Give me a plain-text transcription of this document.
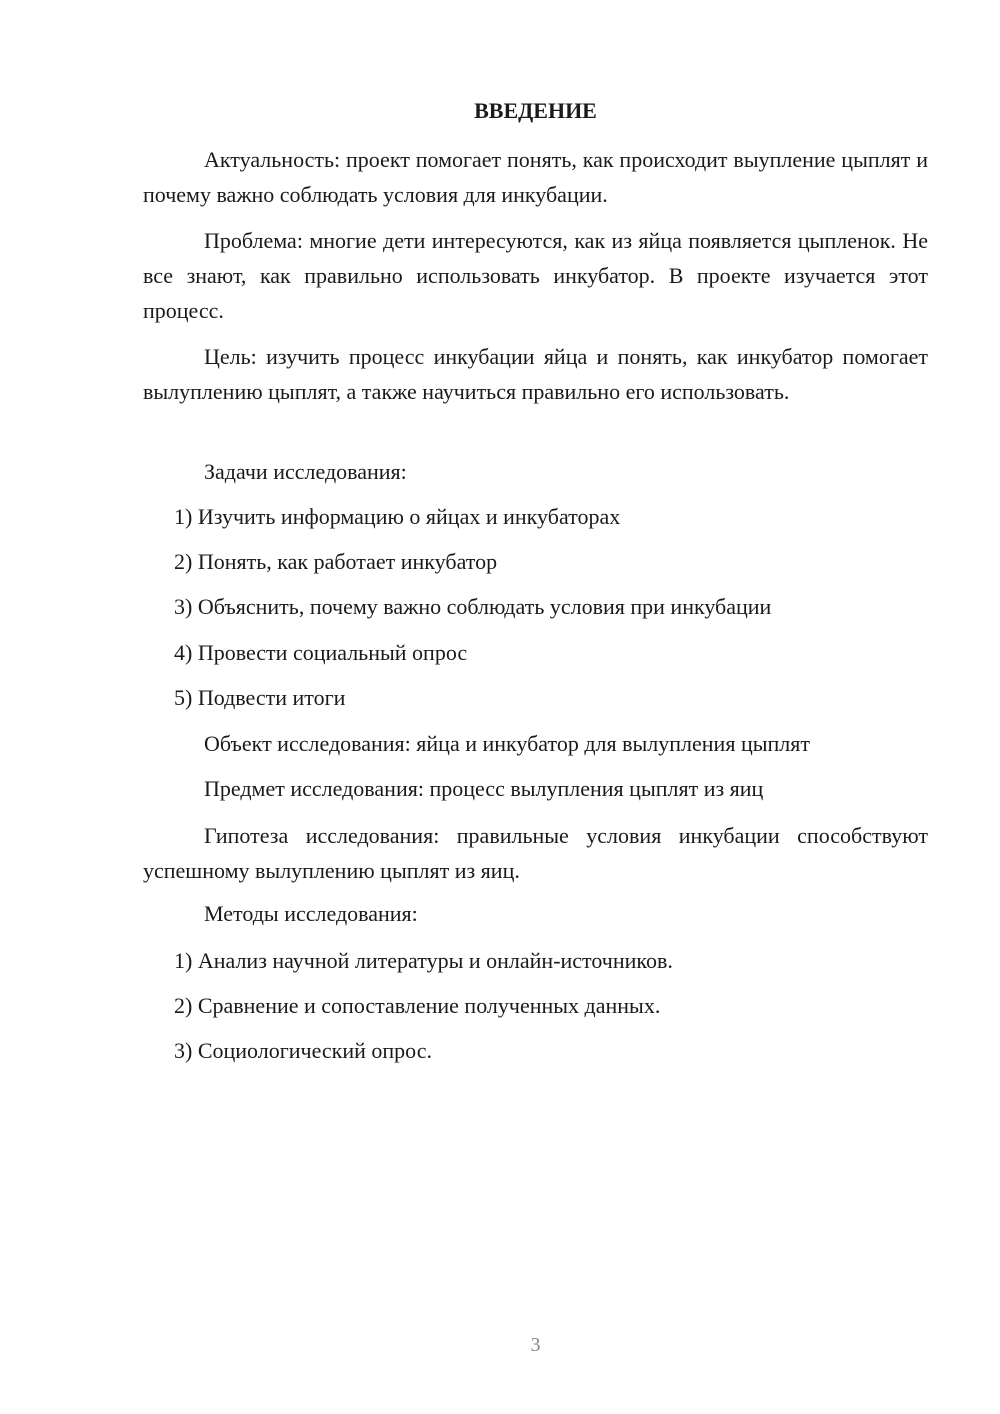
ВВЕДЕНИЕ

Актуальность: проект помогает понять, как происходит выупление цыплят и почему важно соблюдать условия для инкубации.

Проблема: многие дети интересуются, как из яйца появляется цыпленок. Не все знают, как правильно использовать инкубатор. В проекте изучается этот процесс.

Цель: изучить процесс инкубации яйца и понять, как инкубатор помогает вылуплению цыплят, а также научиться правильно его использовать.

Задачи исследования:

1) Изучить информацию о яйцах и инкубаторах

2) Понять, как работает инкубатор

3) Объяснить, почему важно соблюдать условия при инкубации

4) Провести социальный опрос

5) Подвести итоги

Объект исследования: яйца и инкубатор для вылупления цыплят

Предмет исследования: процесс вылупления цыплят из яиц

Гипотеза исследования: правильные условия инкубации способствуют успешному вылуплению цыплят из яиц.

Методы исследования:

1) Анализ научной литературы и онлайн-источников.

2) Сравнение и сопоставление полученных данных.

3) Социологический опрос.

3
